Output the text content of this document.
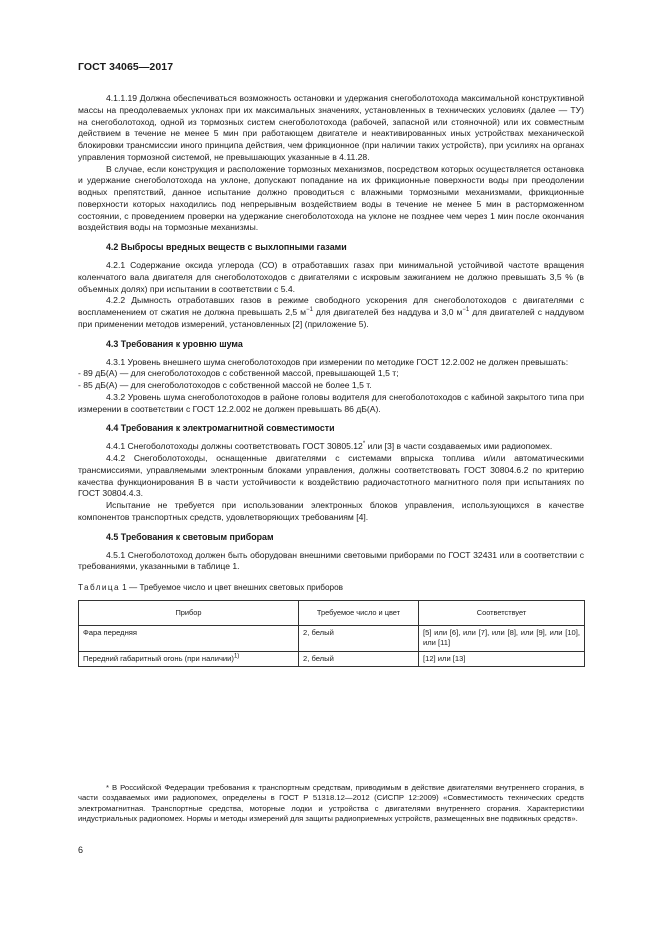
ГОСТ 34065—2017

4.1.1.19 Должна обеспечиваться возможность остановки и удержания снегоболотохода максимальной конструктивной массы на преодолеваемых уклонах при их максимальных значениях, установленных в технических условиях (далее — ТУ) на снегоболотоход, одной из тормозных систем снегоболотохода (рабочей, запасной или стояночной) или их совместным действием в течение не менее 5 мин при работающем двигателе и неактивированных иных устройствах механической блокировки трансмиссии иного принципа действия, чем фрикционное (при наличии таких устройств), при усилиях на органах управления тормозной системой, не превышающих указанные в 4.11.28.

В случае, если конструкция и расположение тормозных механизмов, посредством которых осуществляется остановка и удержание снегоболотохода на уклоне, допускают попадание на их фрикционные поверхности воды при преодолении водных препятствий, данное испытание должно проводиться с влажными тормозными механизмами, фрикционные поверхности которых находились под непрерывным воздействием воды в течение не менее 5 мин в расторможенном состоянии, с проведением проверки на удержание снегоболотохода на уклоне не позднее чем через 1 мин после окончания воздействия воды на тормозные механизмы.

4.2 Выбросы вредных веществ с выхлопными газами

4.2.1 Содержание оксида углерода (СО) в отработавших газах при минимальной устойчивой частоте вращения коленчатого вала двигателя для снегоболотоходов с двигателями с искровым зажиганием не должно превышать 3,5 % (в объемных долях) при испытании в соответствии с 5.4.

4.2.2 Дымность отработавших газов в режиме свободного ускорения для снегоболотоходов с двигателями с воспламенением от сжатия не должна превышать 2,5 $м^{-1}$ для двигателей без наддува и 3,0 $м^{-1}$ для двигателей с наддувом при применении методов измерений, установленных [2] (приложение 5).

4.3 Требования к уровню шума

4.3.1 Уровень внешнего шума снегоболотоходов при измерении по методике ГОСТ 12.2.002 не должен превышать:

- 89 дБ(А) — для снегоболотоходов с собственной массой, превышающей 1,5 т;

- 85 дБ(А) — для снегоболотоходов с собственной массой не более 1,5 т.

4.3.2 Уровень шума снегоболотоходов в районе головы водителя для снегоболотоходов с кабиной закрытого типа при измерении в соответствии с ГОСТ 12.2.002 не должен превышать 86 дБ(А).

4.4 Требования к электромагнитной совместимости

4.4.1 Снегоболотоходы должны соответствовать ГОСТ 30805.12* или [3] в части создаваемых ими радиопомех.

4.4.2 Снегоболотоходы, оснащенные двигателями с системами впрыска топлива и/или автоматическими трансмиссиями, управляемыми электронным блоками управления, должны соответствовать ГОСТ 30804.6.2 по критерию качества функционирования В в части устойчивости к воздействию радиочастотного магнитного поля при испытаниях по ГОСТ 30804.4.3.

Испытание не требуется при использовании электронных блоков управления, использующихся в качестве компонентов транспортных средств, удовлетворяющих требованиям [4].

4.5 Требования к световым приборам

4.5.1 Снегоболотоход должен быть оборудован внешними световыми приборами по ГОСТ 32431 или в соответствии с требованиями, указанными в таблице 1.

Таблица 1 — Требуемое число и цвет внешних световых приборов
Прибор	Требуемое число и цвет	Соответствует
Фара передняя	2, белый	[5] или [6], или [7], или [8], или [9], или [10], или [11]
Передний габаритный огонь (при наличии)$^{1)}$	2, белый	[12] или [13]

* В Российской Федерации требования к транспортным средствам, приводимым в действие двигателями внутреннего сгорания, в части создаваемых ими радиопомех, определены в ГОСТ Р 51318.12—2012 (СИСПР 12:2009) «Совместимость технических средств электромагнитная. Транспортные средства, моторные лодки и устройства с двигателями внутреннего сгорания. Характеристики индустриальных радиопомех. Нормы и методы измерений для защиты радиоприемных устройств, размещенных вне подвижных средств».

6
